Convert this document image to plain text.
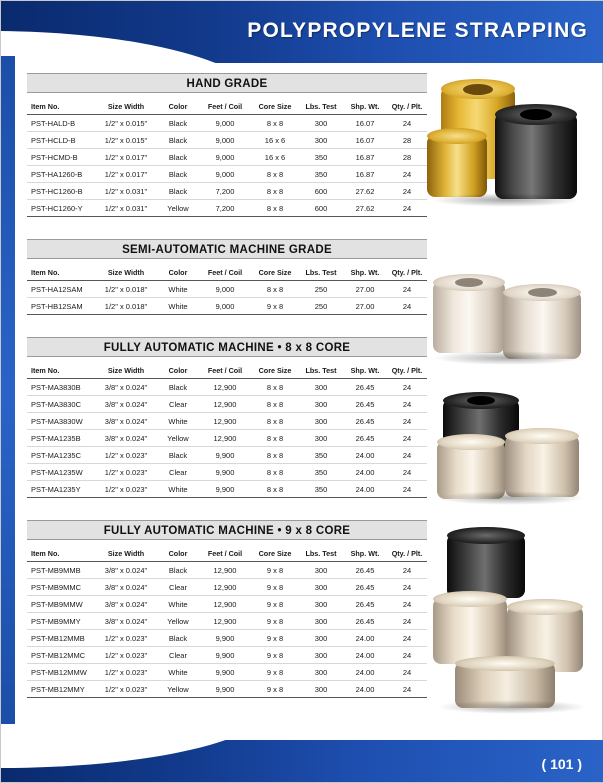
POLYPROPYLENE STRAPPING
HAND GRADE
Item No.	Size Width	Color	Feet / Coil	Core Size	Lbs. Test	Shp. Wt.	Qty. / Plt.
PST-HALD-B	1/2" x 0.015"	Black	9,000	8 x 8	300	16.07	24
PST-HCLD-B	1/2" x 0.015"	Black	9,000	16 x 6	300	16.07	28
PST-HCMD-B	1/2" x 0.017"	Black	9,000	16 x 6	350	16.87	28
PST-HA1260-B	1/2" x 0.017"	Black	9,000	8 x 8	350	16.87	24
PST-HC1260-B	1/2" x 0.031"	Black	7,200	8 x 8	600	27.62	24
PST-HC1260-Y	1/2" x 0.031"	Yellow	7,200	8 x 8	600	27.62	24
SEMI-AUTOMATIC MACHINE GRADE
Item No.	Size Width	Color	Feet / Coil	Core Size	Lbs. Test	Shp. Wt.	Qty. / Plt.
PST-HA12SAM	1/2" x 0.018"	White	9,000	8 x 8	250	27.00	24
PST-HB12SAM	1/2" x 0.018"	White	9,000	9 x 8	250	27.00	24
FULLY AUTOMATIC MACHINE • 8 x 8 CORE
Item No.	Size Width	Color	Feet / Coil	Core Size	Lbs. Test	Shp. Wt.	Qty. / Plt.
PST-MA3830B	3/8" x 0.024"	Black	12,900	8 x 8	300	26.45	24
PST-MA3830C	3/8" x 0.024"	Clear	12,900	8 x 8	300	26.45	24
PST-MA3830W	3/8" x 0.024"	White	12,900	8 x 8	300	26.45	24
PST-MA1235B	3/8" x 0.024"	Yellow	12,900	8 x 8	300	26.45	24
PST-MA1235C	1/2" x 0.023"	Black	9,900	8 x 8	350	24.00	24
PST-MA1235W	1/2" x 0.023"	Clear	9,900	8 x 8	350	24.00	24
PST-MA1235Y	1/2" x 0.023"	White	9,900	8 x 8	350	24.00	24
FULLY AUTOMATIC MACHINE • 9 x 8 CORE
Item No.	Size Width	Color	Feet / Coil	Core Size	Lbs. Test	Shp. Wt.	Qty. / Plt.
PST-MB9MMB	3/8" x 0.024"	Black	12,900	9 x 8	300	26.45	24
PST-MB9MMC	3/8" x 0.024"	Clear	12,900	9 x 8	300	26.45	24
PST-MB9MMW	3/8" x 0.024"	White	12,900	9 x 8	300	26.45	24
PST-MB9MMY	3/8" x 0.024"	Yellow	12,900	9 x 8	300	26.45	24
PST-MB12MMB	1/2" x 0.023"	Black	9,900	9 x 8	300	24.00	24
PST-MB12MMC	1/2" x 0.023"	Clear	9,900	9 x 8	300	24.00	24
PST-MB12MMW	1/2" x 0.023"	White	9,900	9 x 8	300	24.00	24
PST-MB12MMY	1/2" x 0.023"	Yellow	9,900	9 x 8	300	24.00	24
( 101 )
